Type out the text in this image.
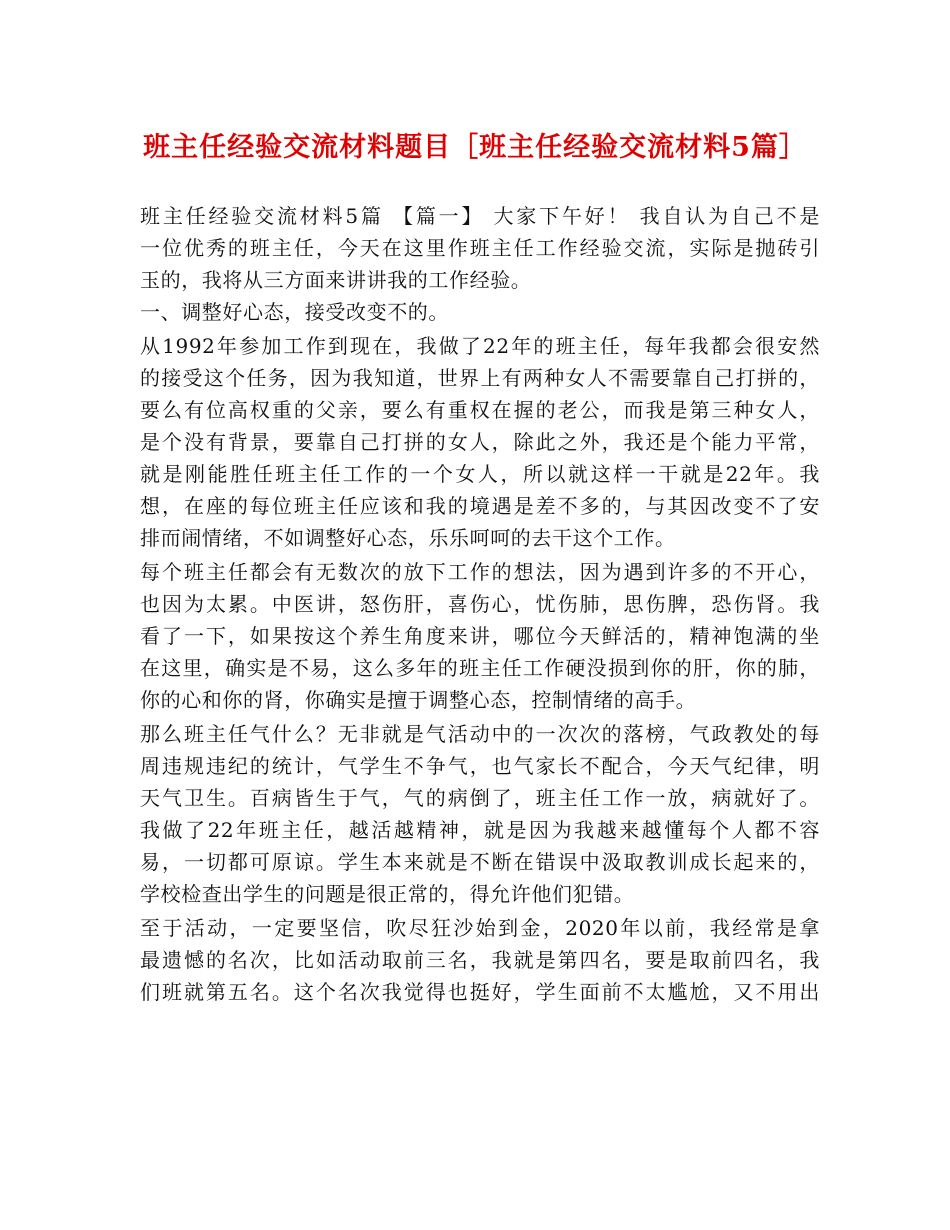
班主任经验交流材料题目［班主任经验交流材料5篇］
班主任经验交流材料5篇 【篇一】 大家下午好！ 我自认为自己不是
一位优秀的班主任，今天在这里作班主任工作经验交流，实际是抛砖引
玉的，我将从三方面来讲讲我的工作经验。
一、调整好心态，接受改变不的。
从1992年参加工作到现在，我做了22年的班主任，每年我都会很安然
的接受这个任务，因为我知道，世界上有两种女人不需要靠自己打拼的，
要么有位高权重的父亲，要么有重权在握的老公，而我是第三种女人，
是个没有背景，要靠自己打拼的女人，除此之外，我还是个能力平常，
就是刚能胜任班主任工作的一个女人，所以就这样一干就是22年。我
想，在座的每位班主任应该和我的境遇是差不多的，与其因改变不了安
排而闹情绪，不如调整好心态，乐乐呵呵的去干这个工作。
每个班主任都会有无数次的放下工作的想法，因为遇到许多的不开心，
也因为太累。中医讲，怒伤肝，喜伤心，忧伤肺，思伤脾，恐伤肾。我
看了一下，如果按这个养生角度来讲，哪位今天鲜活的，精神饱满的坐
在这里，确实是不易，这么多年的班主任工作硬没损到你的肝，你的肺，
你的心和你的肾，你确实是擅于调整心态，控制情绪的高手。
那么班主任气什么？无非就是气活动中的一次次的落榜，气政教处的每
周违规违纪的统计，气学生不争气，也气家长不配合，今天气纪律，明
天气卫生。百病皆生于气，气的病倒了，班主任工作一放，病就好了。
我做了22年班主任，越活越精神，就是因为我越来越懂每个人都不容
易，一切都可原谅。学生本来就是不断在错误中汲取教训成长起来的，
学校检查出学生的问题是很正常的，得允许他们犯错。
至于活动，一定要坚信，吹尽狂沙始到金，2020年以前，我经常是拿
最遗憾的名次，比如活动取前三名，我就是第四名，要是取前四名，我
们班就第五名。这个名次我觉得也挺好，学生面前不太尴尬，又不用出
